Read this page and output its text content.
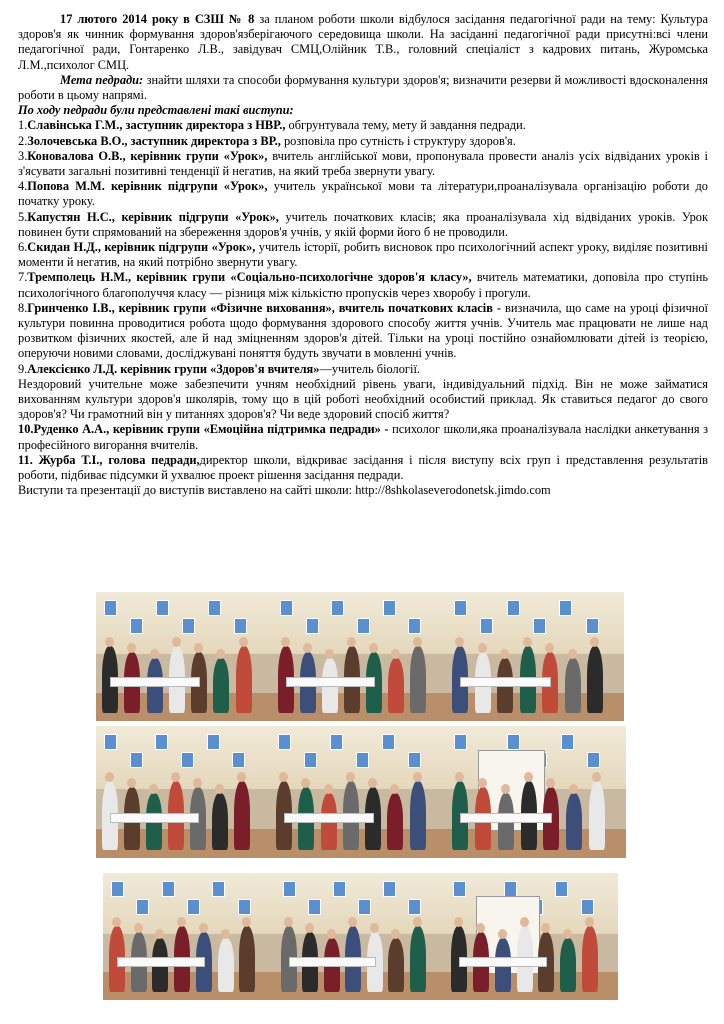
17 лютого 2014 року в СЗШ № 8 за планом роботи школи відбулося засідання педагогічної ради на тему: Культура здоров'я як чинник формування здоров'язберігаючого середовища школи. На засіданні педагогічної ради присутні:всі члени педагогічної ради, Гонтаренко Л.В., завідувач СМЦ,Олійник Т.В., головний спеціаліст з кадрових питань, Журомська Л.М.,психолог СМЦ.

Мета педради: знайти шляхи та способи формування культури здоров'я; визначити резерви й можливості вдосконалення роботи в цьому напрямі.

По ходу педради були представлені такі виступи:

1.Славінська Г.М., заступник директора з НВР., обгрунтувала тему, мету й завдання педради.

2.Золочевська В.О., заступник директора з ВР., розповіла про сутність і структуру здоров'я.

3.Коновалова О.В., керівник групи «Урок», вчитель англійської мови, пропонувала провести аналіз усіх відвіданих уроків і з'ясувати загальні позитивні тенденції й негатив, на який треба звернути увагу.

4.Попова М.М. керівник підгрупи «Урок», учитель української мови та літератури,проаналізувала організацію роботи до початку уроку.

5.Капустян Н.С., керівник підгрупи «Урок», учитель початкових класів; яка проаналізувала хід відвіданих уроків. Урок повинен бути спрямований на збереження здоров'я учнів, у якій форми його б не проводили.

6.Скидан Н.Д., керівник підгрупи «Урок», учитель історії, робить висновок про психологічний аспект уроку, виділяє позитивні моменти й негатив, на який потрібно звернути увагу.

7.Тремполець Н.М., керівник групи «Соціально-психологічне здоров'я класу», вчитель математики, доповіла про ступінь психологічного благополуччя класу — різниця між кількістю пропусків через хворобу і прогули.

8.Гринченко І.В., керівник групи «Фізичне виховання», вчитель початкових класів - визначила, що саме на уроці фізичної культури повинна проводитися робота щодо формування здорового способу життя учнів. Учитель має працювати не лише над розвитком фізичних якостей, але й над зміцненням здоров'я дітей. Тільки на уроці постійно ознайомлювати дітей із теорією, оперуючи новими словами, досліджуванi поняття будуть звучати в мовленні учнів.

9.Алексієнко Л.Д. керівник групи «Здоров'я вчителя»—учитель біології.

Нездоровий учительне може забезпечити учням необхідний рівень уваги, індивідуальний підхід. Він не може займатися вихованням культури здоров'я школярів, тому що в цій роботі необхідний особистий приклад. Як ставиться педагог до свого здоров'я? Чи грамотний він у питаннях здоров'я? Чи веде здоровий спосіб життя?

10.Руденко А.А., керівник групи «Емоційна підтримка педради» - психолог школи,яка проаналізувала наслідки анкетування з професійного вигорання вчителів.

11. Журба Т.І., голова педради,директор школи, відкриває засідання і після виступу всіх груп і представлення результатів роботи, підбиває підсумки й ухвалює проект рішення засідання педради.

Виступи та презентації до виступів виставлено на сайті школи: http://8shkolaseverodonetsk.jimdo.com
